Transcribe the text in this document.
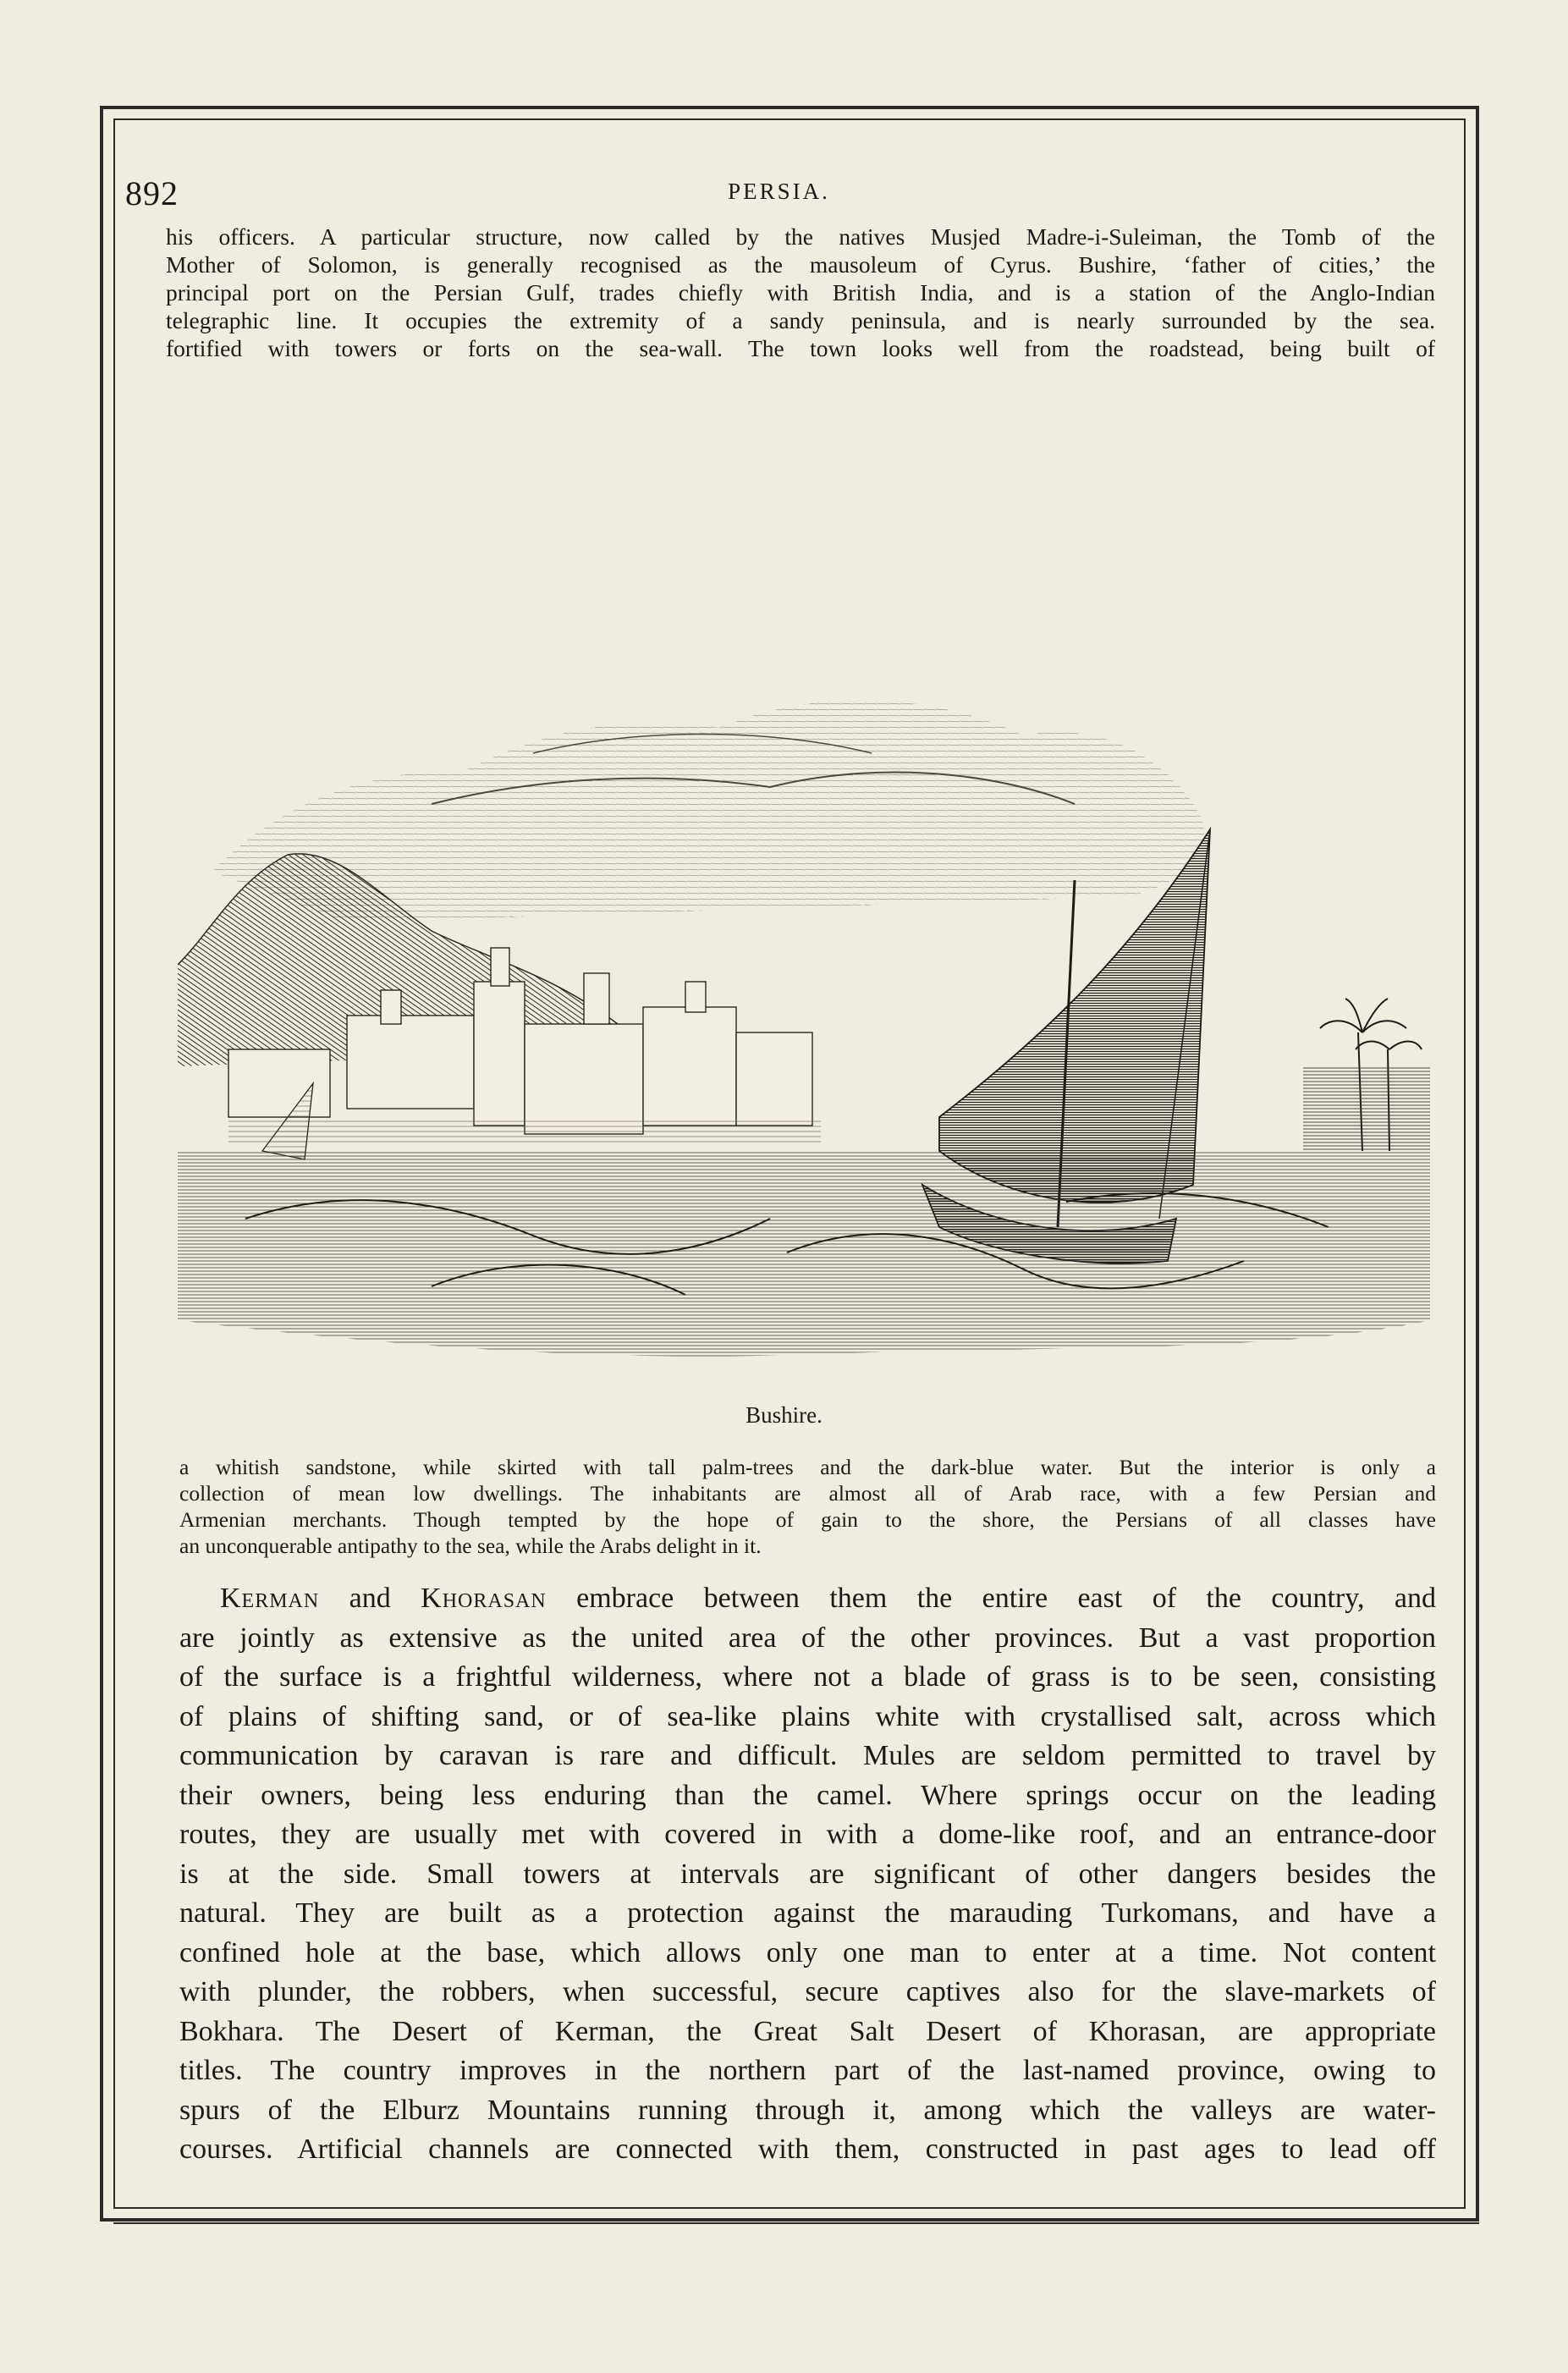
892	PERSIA.
his officers. A particular structure, now called by the natives Musjed Madre-i-Suleiman, the Tomb of the
Mother of Solomon, is generally recognised as the mausoleum of Cyrus. Bushire, ‘father of cities,’ the
principal port on the Persian Gulf, trades chiefly with British India, and is a station of the Anglo-Indian
telegraphic line. It occupies the extremity of a sandy peninsula, and is nearly surrounded by the sea.
fortified with towers or forts on the sea-wall. The town looks well from the roadstead, being built of
Bushire.
a whitish sandstone, while skirted with tall palm-trees and the dark-blue water. But the interior is only a
collection of mean low dwellings. The inhabitants are almost all of Arab race, with a few Persian and
Armenian merchants. Though tempted by the hope of gain to the shore, the Persians of all classes have
an unconquerable antipathy to the sea, while the Arabs delight in it.
Kerman and Khorasan embrace between them the entire east of the country, and
are jointly as extensive as the united area of the other provinces. But a vast proportion
of the surface is a frightful wilderness, where not a blade of grass is to be seen, consisting
of plains of shifting sand, or of sea-like plains white with crystallised salt, across which
communication by caravan is rare and difficult. Mules are seldom permitted to travel by
their owners, being less enduring than the camel. Where springs occur on the leading
routes, they are usually met with covered in with a dome-like roof, and an entrance-door
is at the side. Small towers at intervals are significant of other dangers besides the
natural. They are built as a protection against the marauding Turkomans, and have a
confined hole at the base, which allows only one man to enter at a time. Not content
with plunder, the robbers, when successful, secure captives also for the slave-markets of
Bokhara. The Desert of Kerman, the Great Salt Desert of Khorasan, are appropriate
titles. The country improves in the northern part of the last-named province, owing to
spurs of the Elburz Mountains running through it, among which the valleys are water-
courses. Artificial channels are connected with them, constructed in past ages to lead off
